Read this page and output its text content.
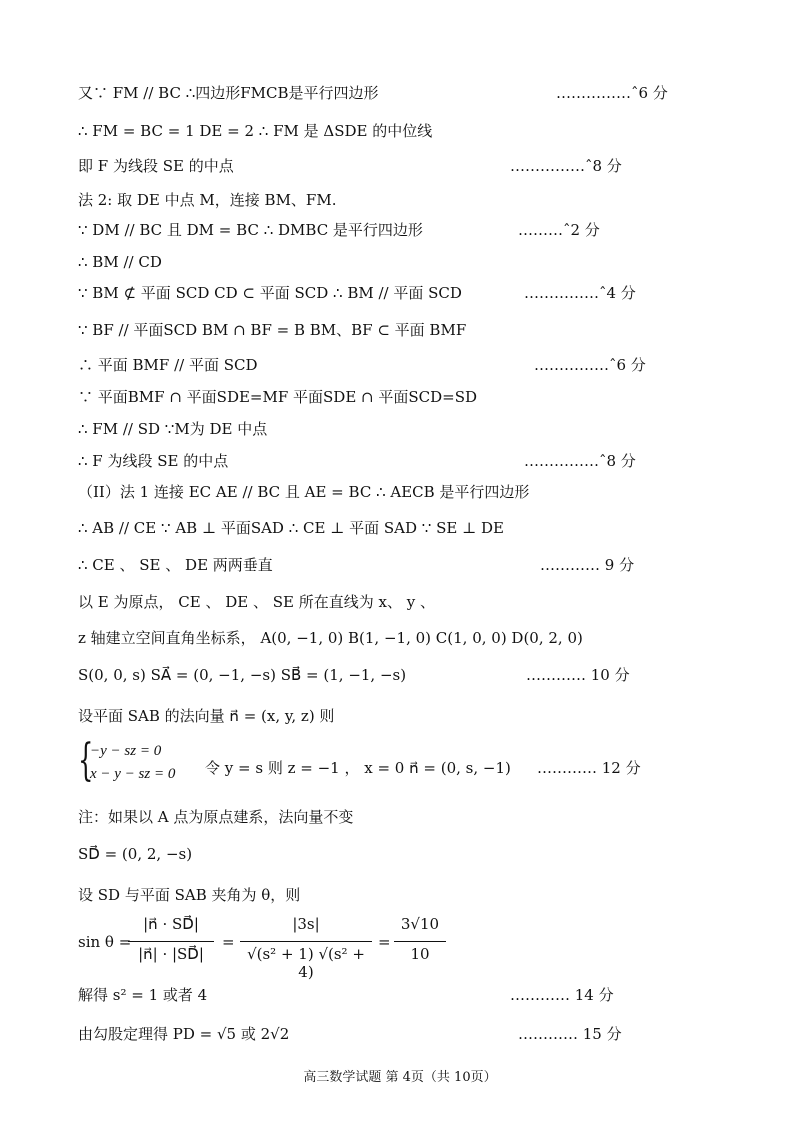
又∵ FM // BC ∴四边形FMCB是平行四边形	……………ˆ6 分
∴ FM = BC = 1 DE = 2 ∴ FM 是 ΔSDE 的中位线
即 F 为线段 SE 的中点	……………ˆ8 分
法 2: 取 DE 中点 M，连接 BM、FM.
∵ DM // BC 且 DM = BC ∴ DMBC 是平行四边形	………ˆ2 分
∴ BM // CD
∵ BM ⊄ 平面 SCD CD ⊂ 平面 SCD ∴ BM // 平面 SCD	……………ˆ4 分
∵ BF // 平面SCD BM ∩ BF = B BM、BF ⊂ 平面 BMF
∴ 平面 BMF // 平面 SCD	……………ˆ6 分
∵ 平面BMF ∩ 平面SDE=MF 平面SDE ∩ 平面SCD=SD
∴ FM // SD ∵M为 DE 中点
∴ F 为线段 SE 的中点	……………ˆ8 分
（II）法 1 连接 EC AE // BC 且 AE = BC ∴ AECB 是平行四边形
∴ AB // CE ∵ AB ⊥ 平面SAD ∴ CE ⊥ 平面 SAD ∵ SE ⊥ DE
∴ CE 、 SE 、 DE 两两垂直	………… 9 分
以 E 为原点， CE 、 DE 、 SE 所在直线为 x、 y 、
z 轴建立空间直角坐标系， A(0, −1, 0) B(1, −1, 0) C(1, 0, 0) D(0, 2, 0)
S(0, 0, s) SA⃗ = (0, −1, −s) SB⃗ = (1, −1, −s)	………… 10 分
设平面 SAB 的法向量 n⃗ = (x, y, z) 则
{
−y − sz = 0
x − y − sz = 0 令 y = s 则 z = −1 ， x = 0 n⃗ = (0, s, −1) ………… 12 分
注：如果以 A 点为原点建系，法向量不变
SD⃗ = (0, 2, −s)
设 SD 与平面 SAB 夹角为 θ，则
sin θ =
|n⃗ · SD⃗|
|n⃗| · |SD⃗|
=
|3s|
√(s² + 1) √(s² + 4)
=
3√10
10
解得 s² = 1 或者 4	………… 14 分
由勾股定理得 PD = √5 或 2√2	………… 15 分
高三数学试题 第 4页（共 10页）
